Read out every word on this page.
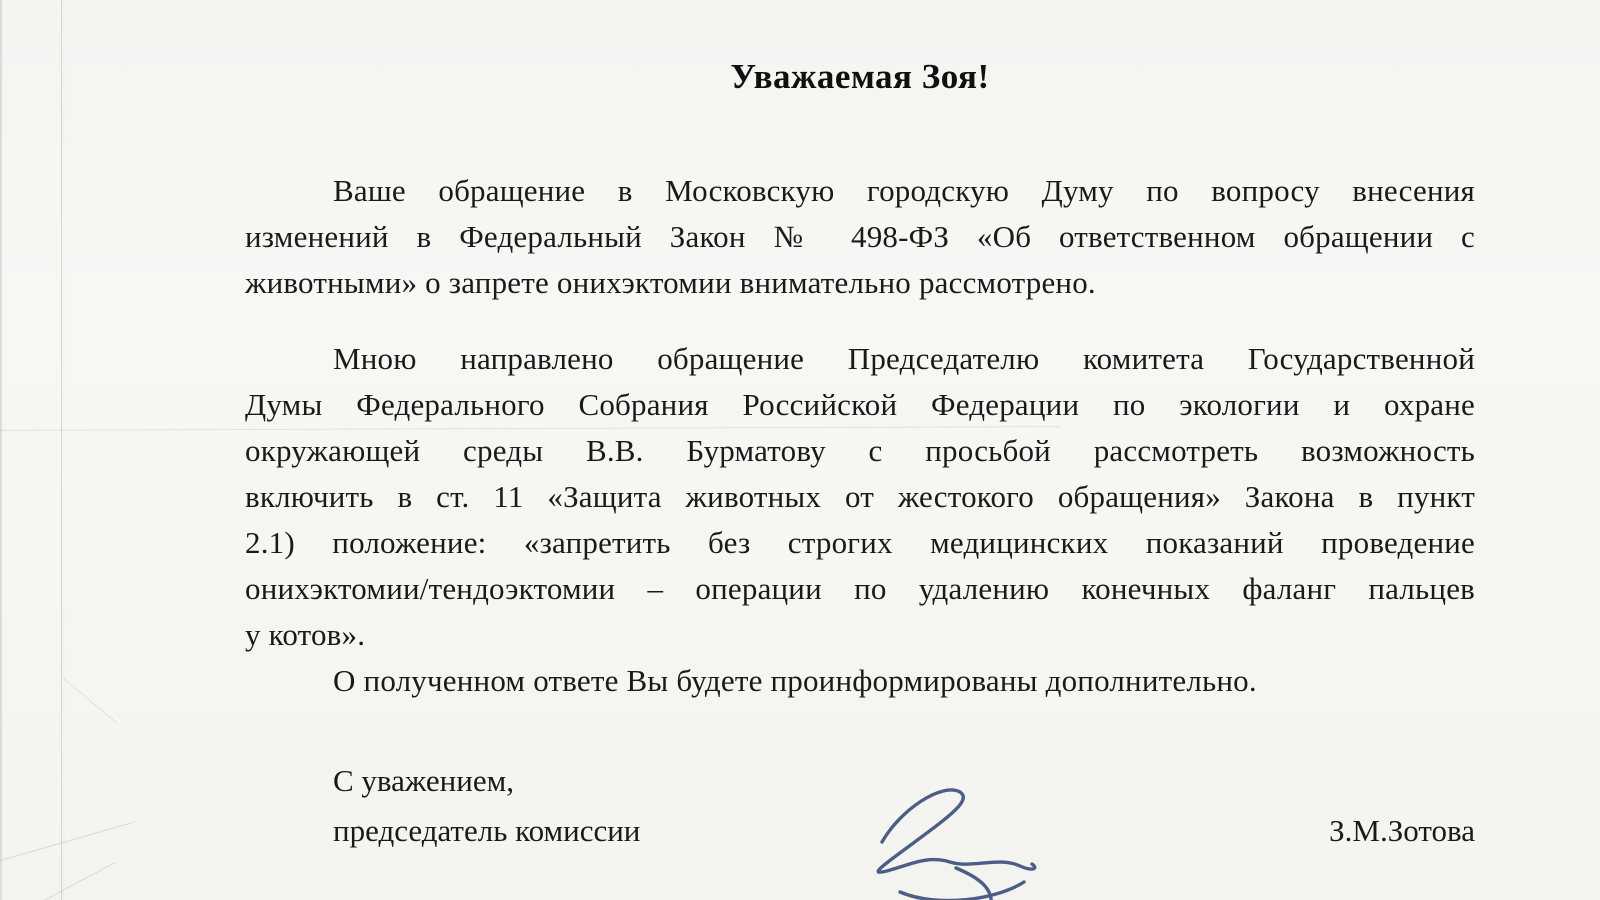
Уважаемая Зоя!
Ваше обращение в Московскую городскую Думу по вопросу внесения
изменений в Федеральный Закон № 498-ФЗ «Об ответственном обращении с
животными» о запрете онихэктомии внимательно рассмотрено.
Мною направлено обращение Председателю комитета Государственной
Думы Федерального Собрания Российской Федерации по экологии и охране
окружающей среды В.В. Бурматову с просьбой рассмотреть возможность
включить в ст. 11 «Защита животных от жестокого обращения» Закона в пункт
2.1) положение: «запретить без строгих медицинских показаний проведение
онихэктомии/тендоэктомии – операции по удалению конечных фаланг пальцев
у котов».
О полученном ответе Вы будете проинформированы дополнительно.
С уважением,
председатель комиссии	З.М.Зотова
